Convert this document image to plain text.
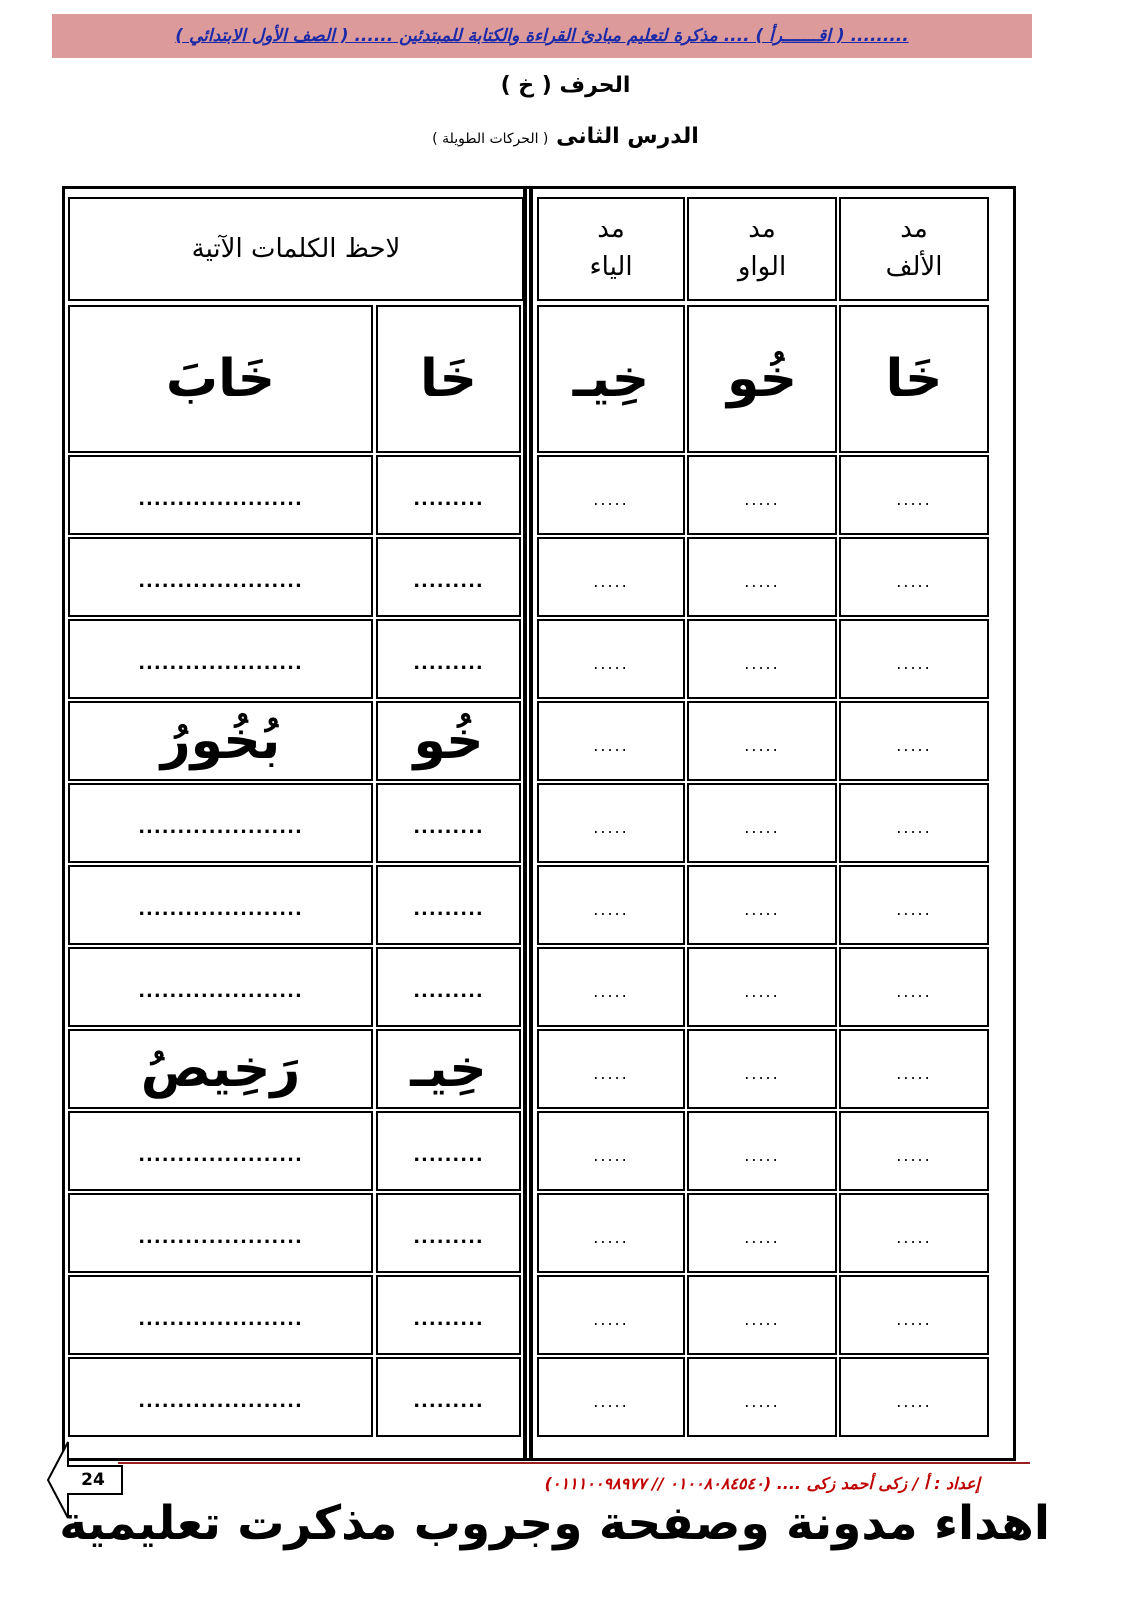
......... ( اقـــــــرأ ) .... مذكرة لتعليم مبادئ القراءة والكتابة للمبتدئين ...... ( الصف الأول الابتدائي )
الحرف ( خ )
الدرس الثانى ( الحركات الطويلة )
لاحظ الكلمات الآتية
مد
الياء
مد
الواو
مد
الألف
خَا
خُو
خِيـ
خَا
خَابَ
.....
.....
.....
.........
.....................
.....
.....
.....
.........
.....................
.....
.....
.....
.........
.....................
.....
.....
.....
خُو
بُخُورُ
.....
.....
.....
.........
.....................
.....
.....
.....
.........
.....................
.....
.....
.....
.........
.....................
.....
.....
.....
خِيـ
رَخِيصُ
.....
.....
.....
.........
.....................
.....
.....
.....
.........
.....................
.....
.....
.....
.........
.....................
.....
.....
.....
.........
.....................
24	إعداد : أ / زكى أحمد زكى .... (٠١٠٠٨٠٨٤٥٤٠ // ٠١١١٠٠٩٨٩٧٧)
اهداء مدونة وصفحة وجروب مذكرت تعليمية
